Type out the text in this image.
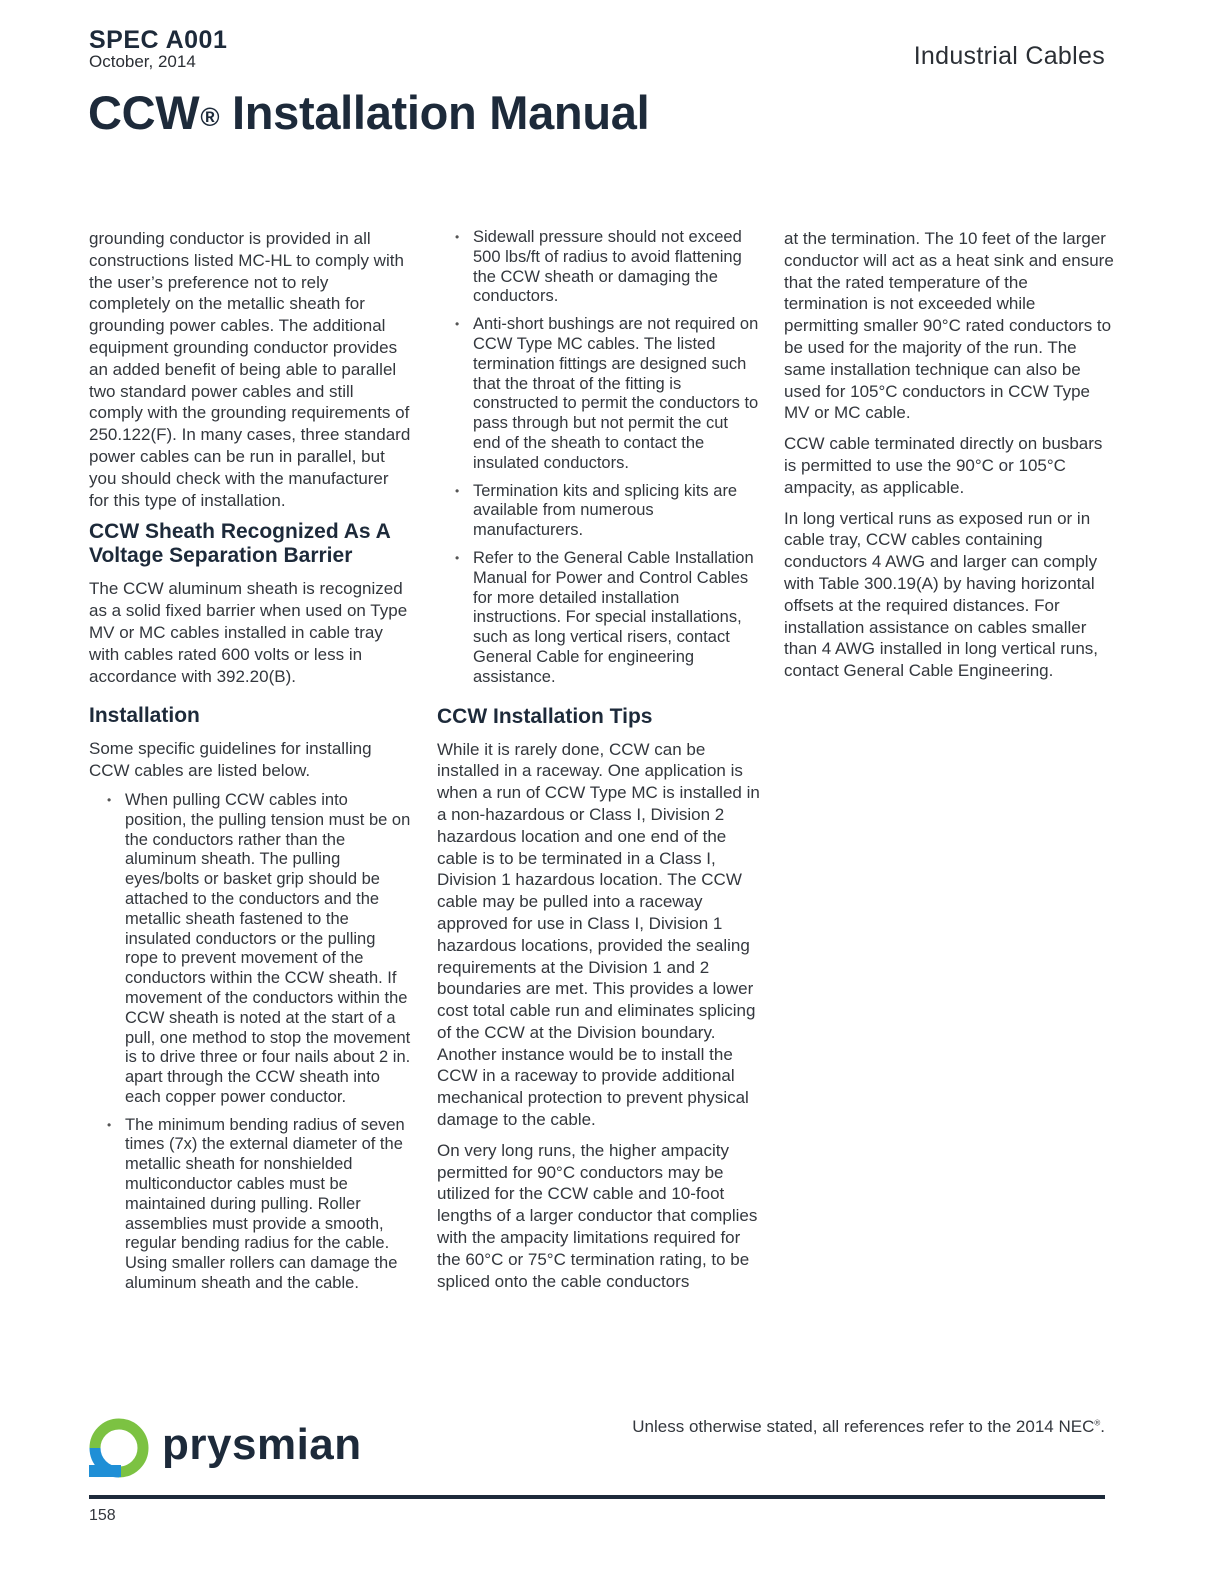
SPEC A001
October, 2014	Industrial Cables
CCW® Installation Manual

grounding conductor is provided in all constructions listed MC-HL to comply with the user’s preference not to rely completely on the metallic sheath for grounding power cables. The additional equipment grounding conductor provides an added benefit of being able to parallel two standard power cables and still comply with the grounding requirements of 250.122(F). In many cases, three standard power cables can be run in parallel, but you should check with the manufacturer for this type of installation.

CCW Sheath Recognized As A Voltage Separation Barrier

The CCW aluminum sheath is recognized as a solid fixed barrier when used on Type MV or MC cables installed in cable tray with cables rated 600 volts or less in accordance with 392.20(B).

Installation

Some specific guidelines for installing CCW cables are listed below.

• When pulling CCW cables into position, the pulling tension must be on the conductors rather than the aluminum sheath. The pulling eyes/bolts or basket grip should be attached to the conductors and the metallic sheath fastened to the insulated conductors or the pulling rope to prevent movement of the conductors within the CCW sheath. If movement of the conductors within the CCW sheath is noted at the start of a pull, one method to stop the movement is to drive three or four nails about 2 in. apart through the CCW sheath into each copper power conductor.
• The minimum bending radius of seven times (7x) the external diameter of the metallic sheath for nonshielded multiconductor cables must be maintained during pulling. Roller assemblies must provide a smooth, regular bending radius for the cable. Using smaller rollers can damage the aluminum sheath and the cable.
• Sidewall pressure should not exceed 500 lbs/ft of radius to avoid flattening the CCW sheath or damaging the conductors.
• Anti-short bushings are not required on CCW Type MC cables. The listed termination fittings are designed such that the throat of the fitting is constructed to permit the conductors to pass through but not permit the cut end of the sheath to contact the insulated conductors.
• Termination kits and splicing kits are available from numerous manufacturers.
• Refer to the General Cable Installation Manual for Power and Control Cables for more detailed installation instructions. For special installations, such as long vertical risers, contact General Cable for engineering assistance.
CCW Installation Tips

While it is rarely done, CCW can be installed in a raceway. One application is when a run of CCW Type MC is installed in a non-hazardous or Class I, Division 2 hazardous location and one end of the cable is to be terminated in a Class I, Division 1 hazardous location. The CCW cable may be pulled into a raceway approved for use in Class I, Division 1 hazardous locations, provided the sealing requirements at the Division 1 and 2 boundaries are met. This provides a lower cost total cable run and eliminates splicing of the CCW at the Division boundary. Another instance would be to install the CCW in a raceway to provide additional mechanical protection to prevent physical damage to the cable.

On very long runs, the higher ampacity permitted for 90°C conductors may be utilized for the CCW cable and 10-foot lengths of a larger conductor that complies with the ampacity limitations required for the 60°C or 75°C termination rating, to be spliced onto the cable conductors

at the termination. The 10 feet of the larger conductor will act as a heat sink and ensure that the rated temperature of the termination is not exceeded while permitting smaller 90°C rated conductors to be used for the majority of the run. The same installation technique can also be used for 105°C conductors in CCW Type MV or MC cable.

CCW cable terminated directly on busbars is permitted to use the 90°C or 105°C ampacity, as applicable.

In long vertical runs as exposed run or in cable tray, CCW cables containing conductors 4 AWG and larger can comply with Table 300.19(A) by having horizontal offsets at the required distances. For installation assistance on cables smaller than 4 AWG installed in long vertical runs, contact General Cable Engineering.

Unless otherwise stated, all references refer to the 2014 NEC®.
prysmian
158
